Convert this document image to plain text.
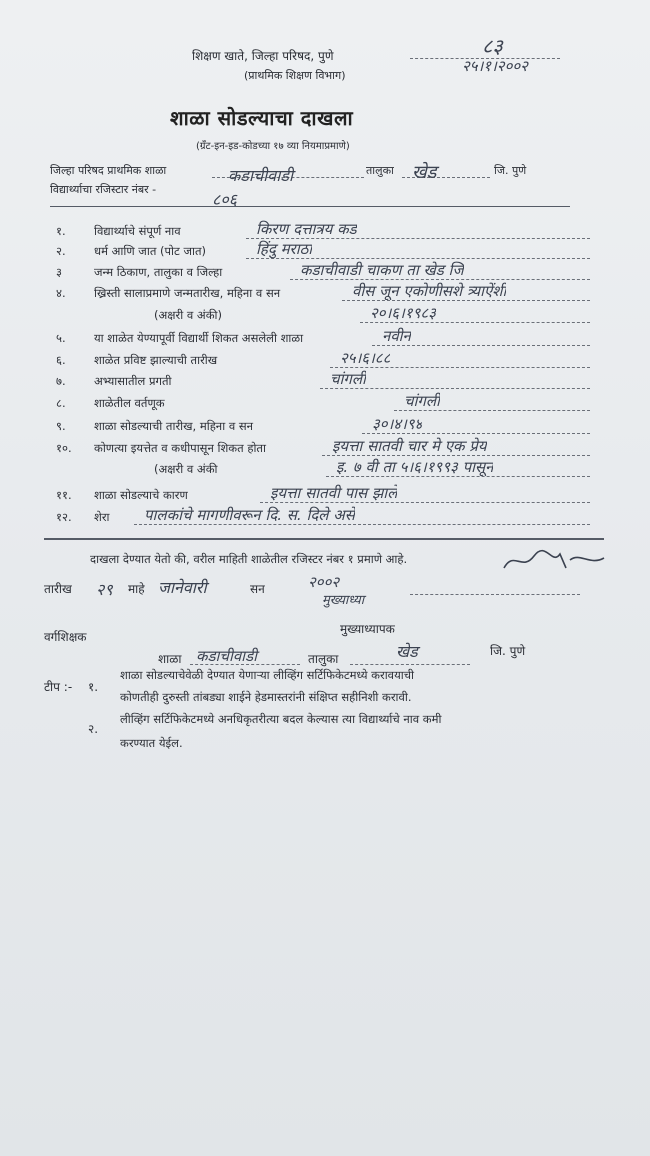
शिक्षण खाते, जिल्हा परिषद, पुणे
(प्राथमिक शिक्षण विभाग)
८३
२५।१।२००२
शाळा सोडल्याचा दाखला
(ग्रँट-इन-इड-कोडच्या १७ व्या नियमाप्रमाणे)
जिल्हा परिषद प्राथमिक शाळा	कडाचीवाडी	तालुका खेड	जि. पुणे
विद्यार्थ्याचा रजिस्टार नंबर -
८०६
१. विद्यार्थ्याचे संपूर्ण नाव	किरण दत्तात्रय कड
२. धर्म आणि जात (पोट जात)	हिंदु मराठा
३	जन्म ठिकाण, तालुका व जिल्हा	कडाचीवाडी चाकण ता खेड जि
४. ख्रिस्ती सालाप्रमाणे जन्मतारीख, महिना व सन	वीस जून एकोणीसशे त्र्याऐंशी
(अक्षरी व अंकी)	२०।६।१९८३
५. या शाळेत येण्यापूर्वी विद्यार्थी शिकत असलेली शाळा	नवीन
६. शाळेत प्रविष्ट झाल्याची तारीख	२५।६।८८
७. अभ्यासातील प्रगती	चांगली
८. शाळेतील वर्तणूक	चांगली
९. शाळा सोडल्याची तारीख, महिना व सन	३०।४।९४
१०. कोणत्या इयत्तेत व कधीपासून शिकत होता	इयत्ता सातवी चार मे एक प्रेय
(अक्षरी व अंकी	इ. ७ वी ता ५।६।१९९३ पासून
११. शाळा सोडल्याचे कारण	इयत्ता सातवी पास झाले
१२. शेरा पालकांचे मागणीवरून दि. स. दिले असे
दाखला देण्यात येतो की, वरील माहिती शाळेतील रजिस्टर नंबर १ प्रमाणे आहे.
तारीख २९ माहे जानेवारी	सन	२००२
मुख्याध्या
वर्गशिक्षक
मुख्याध्यापक
शाळा कडाचीवाडी	तालुका	खेड	जि. पुणे
टीप :- १.
शाळा सोडल्याचेवेळी देण्यात येणाऱ्या लीव्हिंग सर्टिफिकेटमध्ये करावयाची
कोणतीही दुरुस्ती तांबड्या शाईने हेडमास्तरांनी संक्षिप्त सहीनिशी करावी.
२.
लीव्हिंग सर्टिफिकेटमध्ये अनधिकृतरीत्या बदल केल्यास त्या विद्यार्थ्याचे नाव कमी
करण्यात येईल.
